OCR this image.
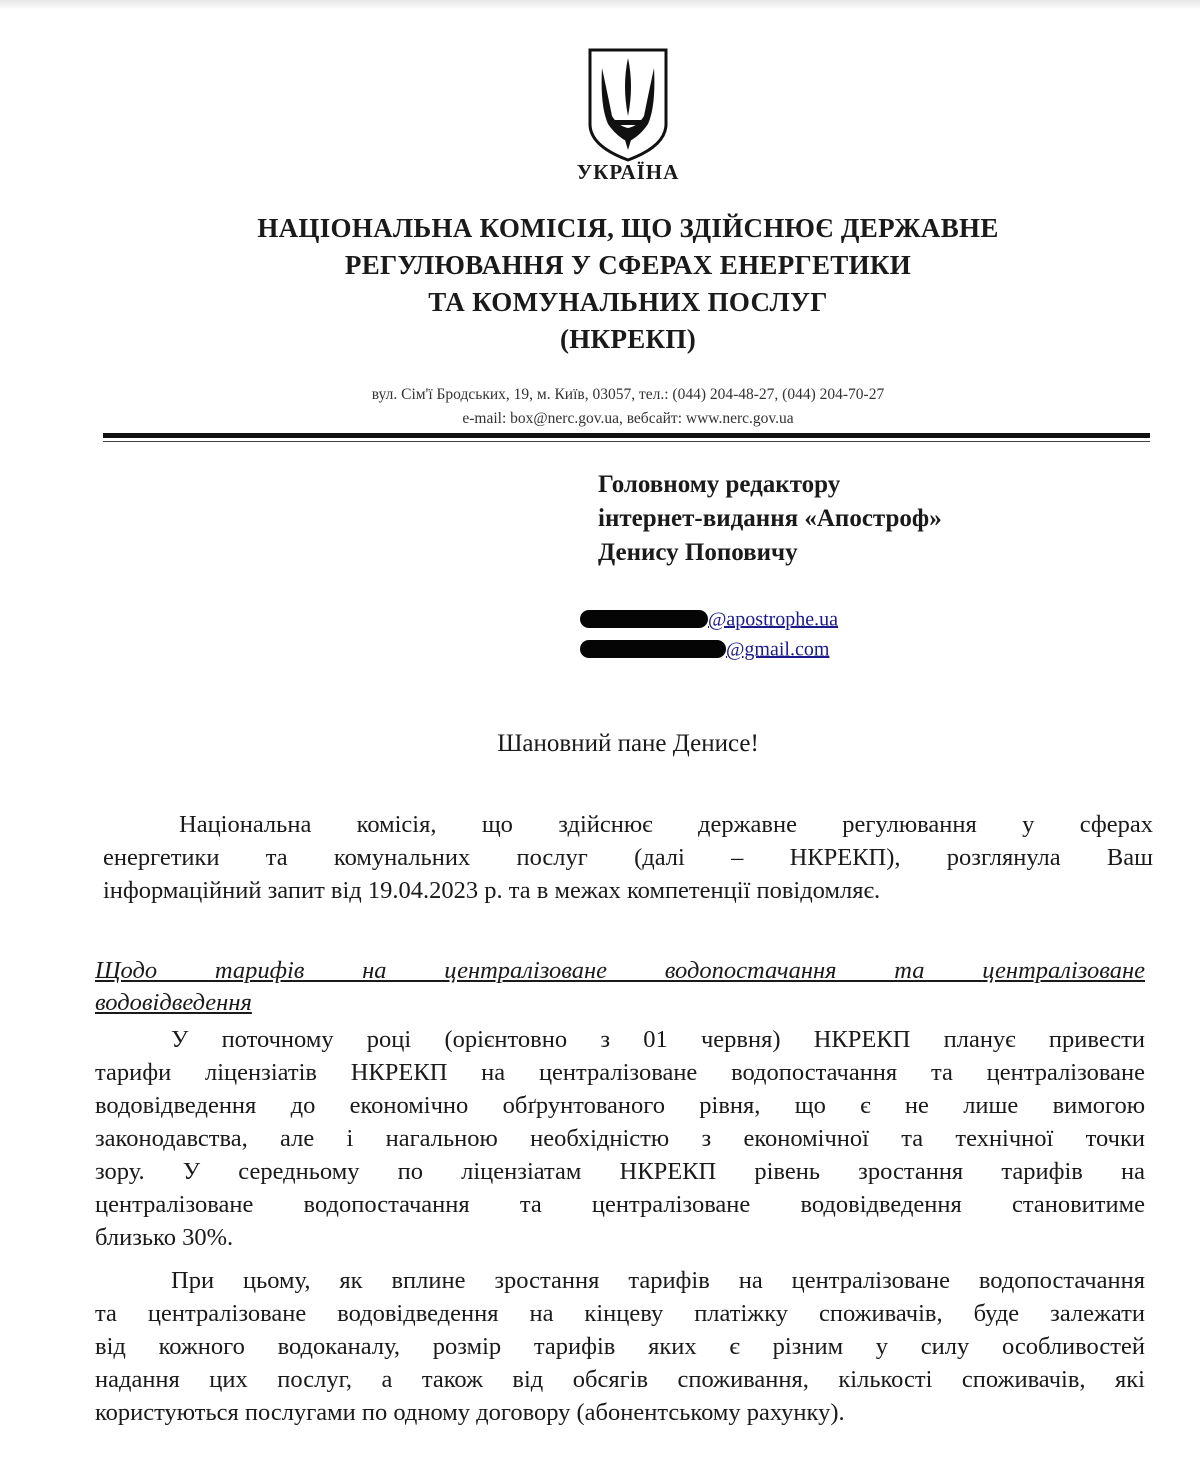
УКРАЇНА
НАЦІОНАЛЬНА КОМІСІЯ, ЩО ЗДІЙСНЮЄ ДЕРЖАВНЕ
РЕГУЛЮВАННЯ У СФЕРАХ ЕНЕРГЕТИКИ
ТА КОМУНАЛЬНИХ ПОСЛУГ
(НКРЕКП)
вул. Сім'ї Бродських, 19, м. Київ, 03057, тел.: (044) 204-48-27, (044) 204-70-27
e-mail: box@nerc.gov.ua, вебсайт: www.nerc.gov.ua
Головному редактору
інтернет-видання «Апостроф»
Денису Поповичу
@apostrophe.ua
@gmail.com
Шановний пане Денисе!
Національна комісія, що здійснює державне регулювання у сферах
енергетики та комунальних послуг (далі – НКРЕКП), розглянула Ваш
інформаційний запит від 19.04.2023 р. та в межах компетенції повідомляє.
Щодо тарифів на централізоване водопостачання та централізоване
водовідведення
У поточному році (орієнтовно з 01 червня) НКРЕКП планує привести
тарифи ліцензіатів НКРЕКП на централізоване водопостачання та централізоване
водовідведення до економічно обґрунтованого рівня, що є не лише вимогою
законодавства, але і нагальною необхідністю з економічної та технічної точки
зору. У середньому по ліцензіатам НКРЕКП рівень зростання тарифів на
централізоване водопостачання та централізоване водовідведення становитиме
близько 30%.
При цьому, як вплине зростання тарифів на централізоване водопостачання
та централізоване водовідведення на кінцеву платіжку споживачів, буде залежати
від кожного водоканалу, розмір тарифів яких є різним у силу особливостей
надання цих послуг, а також від обсягів споживання, кількості споживачів, які
користуються послугами по одному договору (абонентському рахунку).
